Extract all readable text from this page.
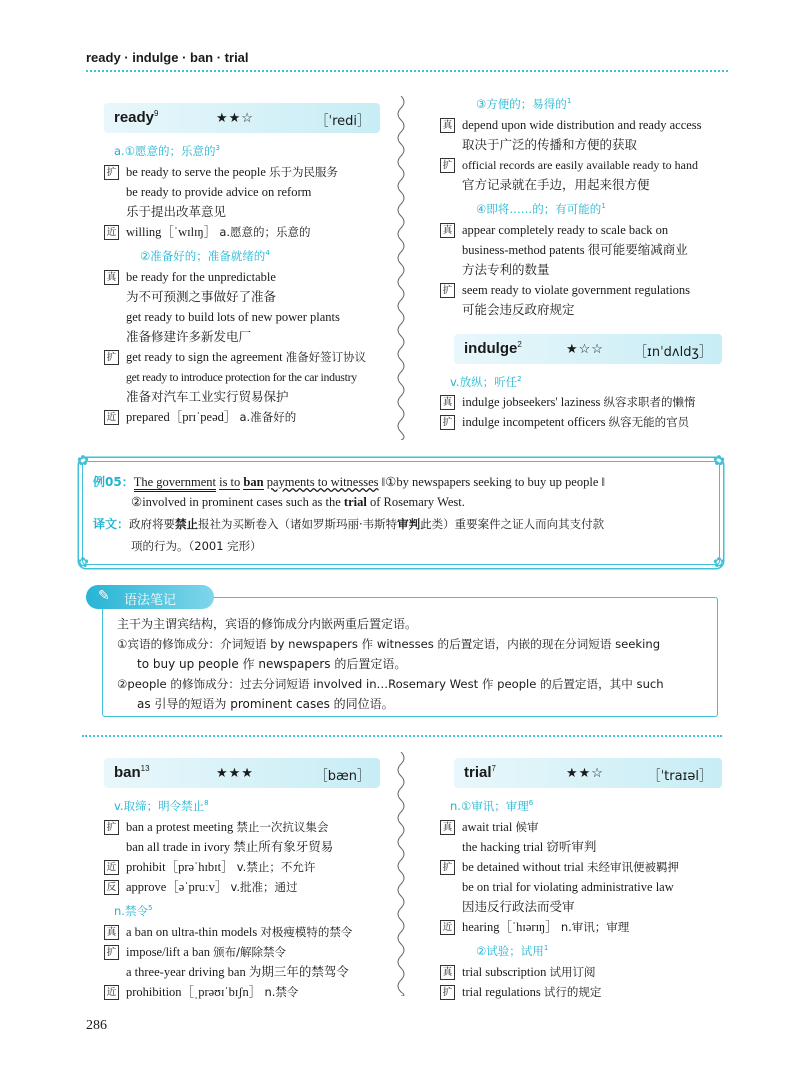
ready · indulge · ban · trial
ready$^9$	★★☆	［ˈredi］
a.①愿意的；乐意的$^3$
扩 be ready to serve the people 乐于为民服务
be ready to provide advice on reform
乐于提出改革意见
近 willing［ˈwɪlɪŋ］ a.愿意的；乐意的
②准备好的；准备就绪的$^4$
真 be ready for the unpredictable
为不可预测之事做好了准备
get ready to build lots of new power plants
准备修建许多新发电厂
扩 get ready to sign the agreement 准备好签订协议
get ready to introduce protection for the car industry
准备对汽车工业实行贸易保护
近 prepared［prɪˈpeəd］ a.准备好的
③方便的；易得的$^1$
真 depend upon wide distribution and ready access
取决于广泛的传播和方便的获取
扩 official records are easily available ready to hand
官方记录就在手边，用起来很方便
④即将……的；有可能的$^1$
真 appear completely ready to scale back on
business-method patents 很可能要缩减商业
方法专利的数量
扩 seem ready to violate government regulations
可能会违反政府规定
indulge$^2$	★☆☆ ［ɪnˈdʌldʒ］
v.放纵；听任$^2$
真 indulge jobseekers' laziness 纵容求职者的懒惰
扩 indulge incompetent officers 纵容无能的官员
✿	✿
✿	✿
例05：The government is to ban payments to witnesses ‖①by newspapers seeking to buy up people ‖
②involved in prominent cases such as the trial of Rosemary West.
译文：政府将要禁止报社为买断卷入（诸如罗斯玛丽·韦斯特审判此类）重要案件之证人而向其支付款
项的行为。（2001 完形）
主干为主谓宾结构，宾语的修饰成分内嵌两重后置定语。
①宾语的修饰成分：介词短语 by newspapers 作 witnesses 的后置定语，内嵌的现在分词短语 seeking
to buy up people 作 newspapers 的后置定语。
②people 的修饰成分：过去分词短语 involved in…Rosemary West 作 people 的后置定语，其中 such
as 引导的短语为 prominent cases 的同位语。
✎ 语法笔记
ban$^{13}$	★★★	［bæn］
v.取缔；明令禁止$^8$
扩 ban a protest meeting 禁止一次抗议集会
ban all trade in ivory 禁止所有象牙贸易
近 prohibit［prəˈhɪbɪt］ v.禁止；不允许
反 approve［əˈpruːv］ v.批准；通过
n.禁令$^5$
真 a ban on ultra-thin models 对极瘦模特的禁令
扩 impose/lift a ban 颁布/解除禁令
a three-year driving ban 为期三年的禁驾令
近 prohibition［ˌprəʊɪˈbɪʃn］ n.禁令
trial$^7$	★★☆	［ˈtraɪəl］
n.①审讯；审理$^6$
真 await trial 候审
the hacking trial 窃听审判
扩 be detained without trial 未经审讯便被羁押
be on trial for violating administrative law
因违反行政法而受审
近 hearing［ˈhɪərɪŋ］ n.审讯；审理
②试验；试用$^1$
真 trial subscription 试用订阅
扩 trial regulations 试行的规定
286
